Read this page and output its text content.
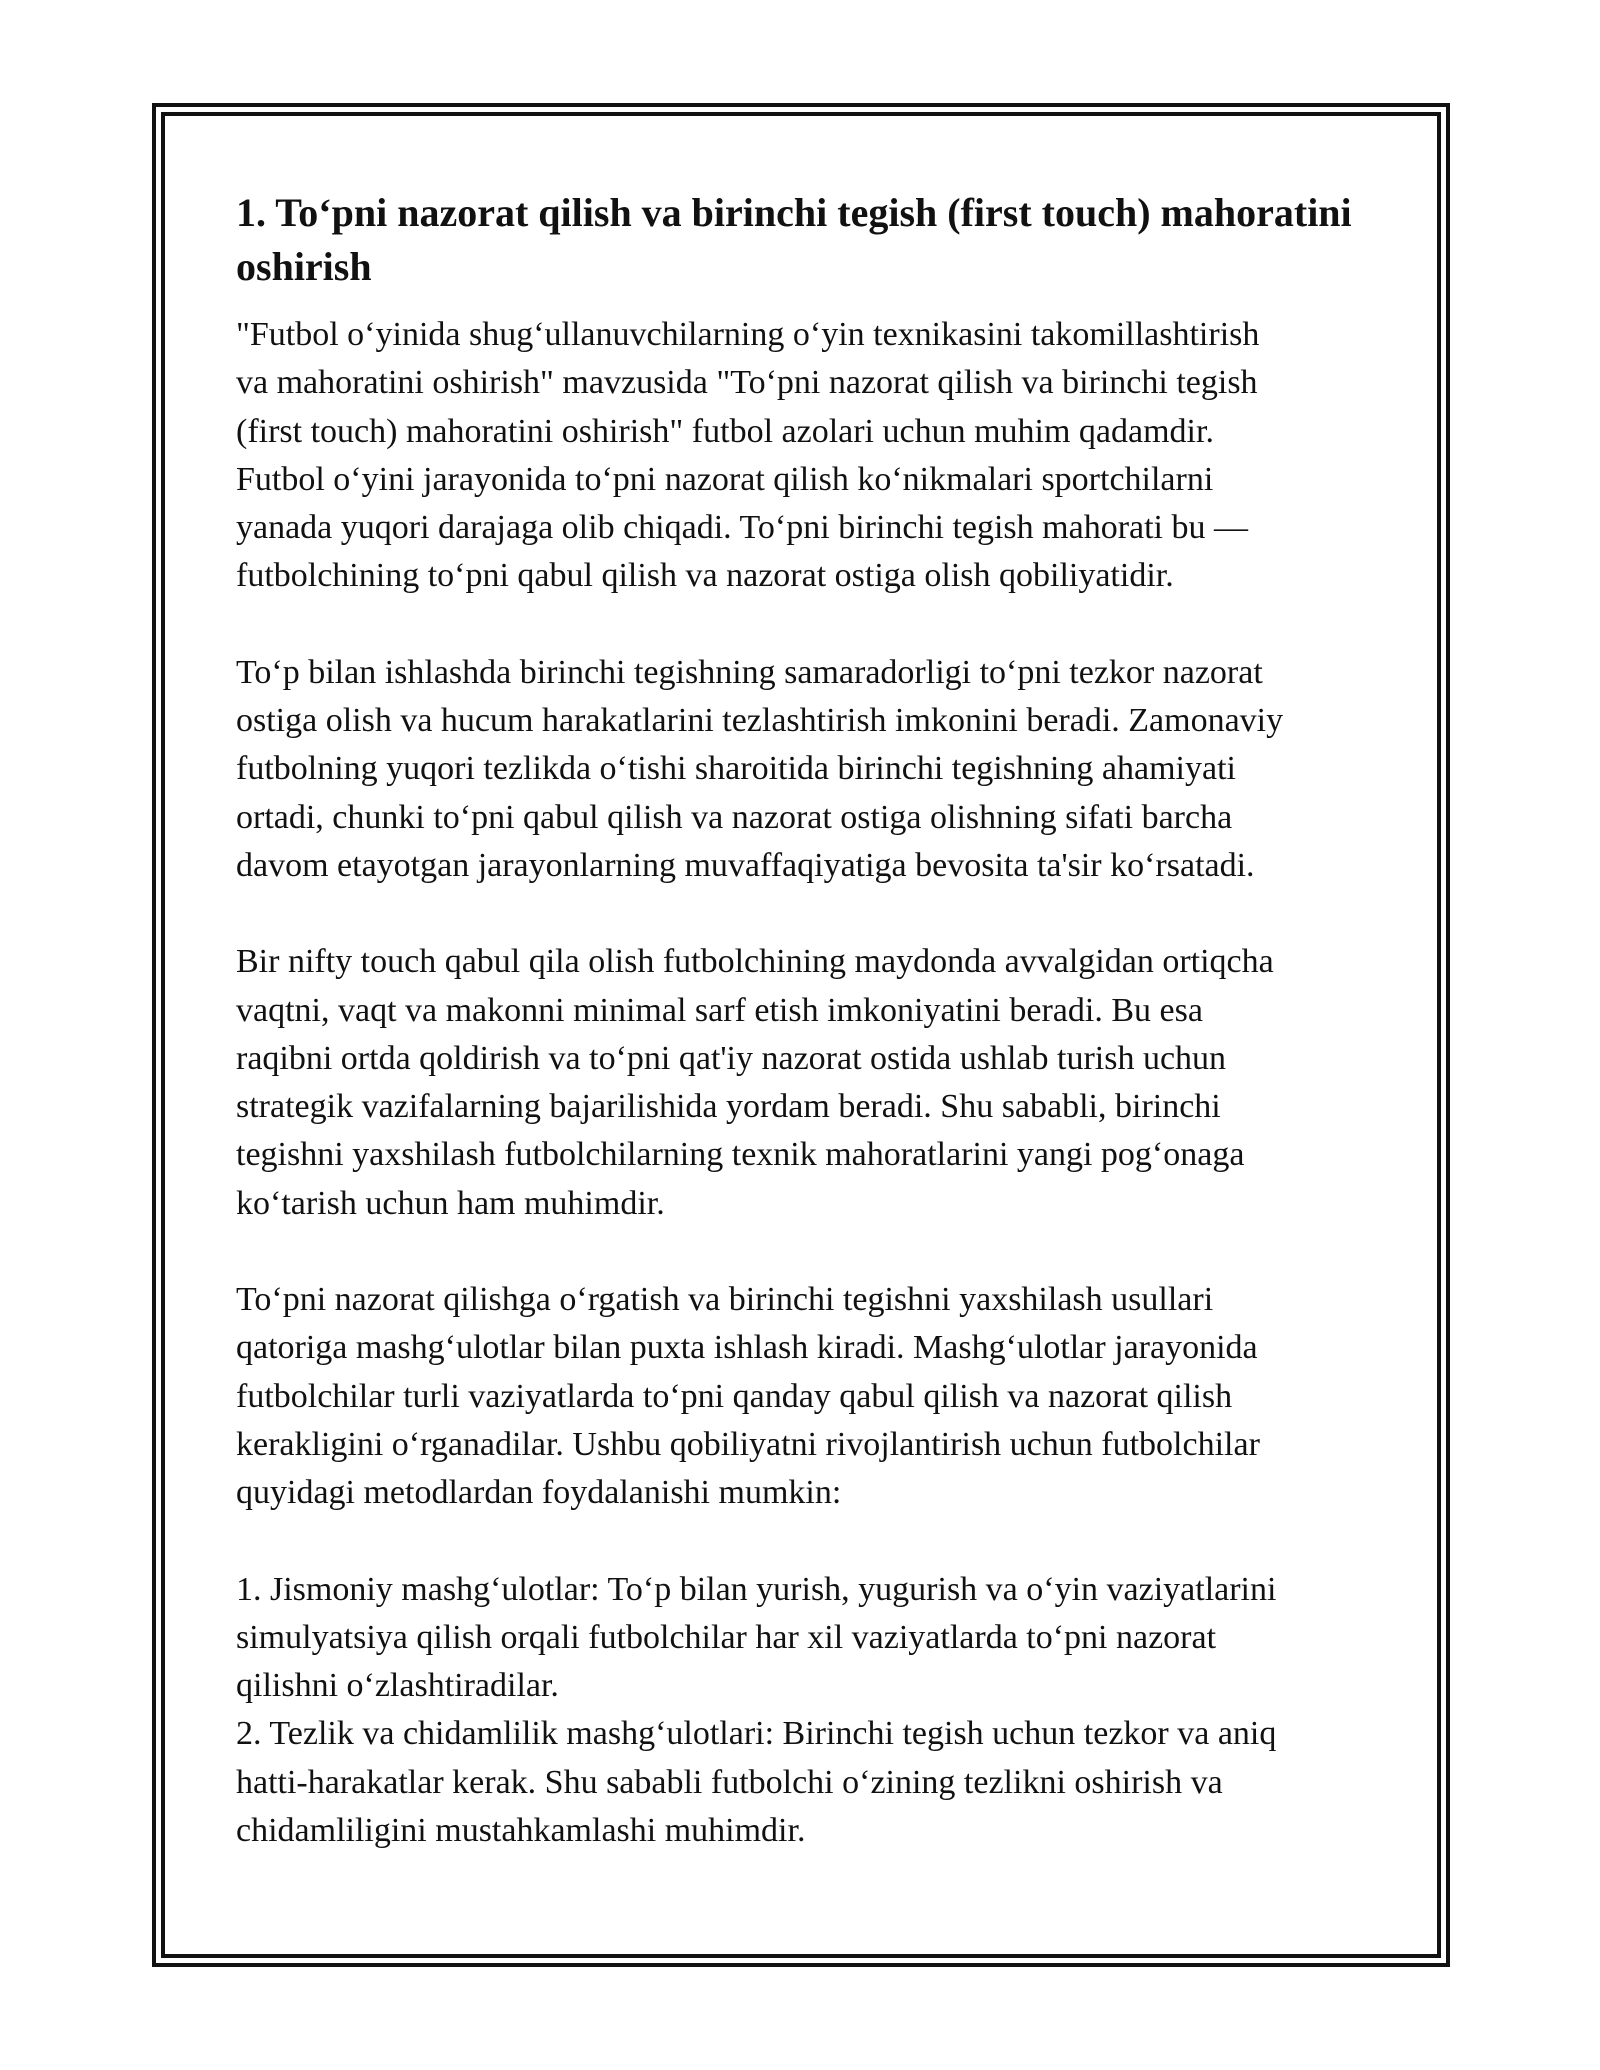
1. To‘pni nazorat qilish va birinchi tegish (first touch) mahoratini oshirish

"Futbol o‘yinida shug‘ullanuvchilarning o‘yin texnikasini takomillashtirish
va mahoratini oshirish" mavzusida "To‘pni nazorat qilish va birinchi tegish
(first touch) mahoratini oshirish" futbol azolari uchun muhim qadamdir.
Futbol o‘yini jarayonida to‘pni nazorat qilish ko‘nikmalari sportchilarni
yanada yuqori darajaga olib chiqadi. To‘pni birinchi tegish mahorati bu —
futbolchining to‘pni qabul qilish va nazorat ostiga olish qobiliyatidir.

To‘p bilan ishlashda birinchi tegishning samaradorligi to‘pni tezkor nazorat
ostiga olish va hucum harakatlarini tezlashtirish imkonini beradi. Zamonaviy
futbolning yuqori tezlikda o‘tishi sharoitida birinchi tegishning ahamiyati
ortadi, chunki to‘pni qabul qilish va nazorat ostiga olishning sifati barcha
davom etayotgan jarayonlarning muvaffaqiyatiga bevosita ta'sir ko‘rsatadi.

Bir nifty touch qabul qila olish futbolchining maydonda avvalgidan ortiqcha
vaqtni, vaqt va makonni minimal sarf etish imkoniyatini beradi. Bu esa
raqibni ortda qoldirish va to‘pni qat'iy nazorat ostida ushlab turish uchun
strategik vazifalarning bajarilishida yordam beradi. Shu sababli, birinchi
tegishni yaxshilash futbolchilarning texnik mahoratlarini yangi pog‘onaga
ko‘tarish uchun ham muhimdir.

To‘pni nazorat qilishga o‘rgatish va birinchi tegishni yaxshilash usullari
qatoriga mashg‘ulotlar bilan puxta ishlash kiradi. Mashg‘ulotlar jarayonida
futbolchilar turli vaziyatlarda to‘pni qanday qabul qilish va nazorat qilish
kerakligini o‘rganadilar. Ushbu qobiliyatni rivojlantirish uchun futbolchilar
quyidagi metodlardan foydalanishi mumkin:

1. Jismoniy mashg‘ulotlar: To‘p bilan yurish, yugurish va o‘yin vaziyatlarini
simulyatsiya qilish orqali futbolchilar har xil vaziyatlarda to‘pni nazorat
qilishni o‘zlashtiradilar.
2. Tezlik va chidamlilik mashg‘ulotlari: Birinchi tegish uchun tezkor va aniq
hatti-harakatlar kerak. Shu sababli futbolchi o‘zining tezlikni oshirish va
chidamliligini mustahkamlashi muhimdir.
